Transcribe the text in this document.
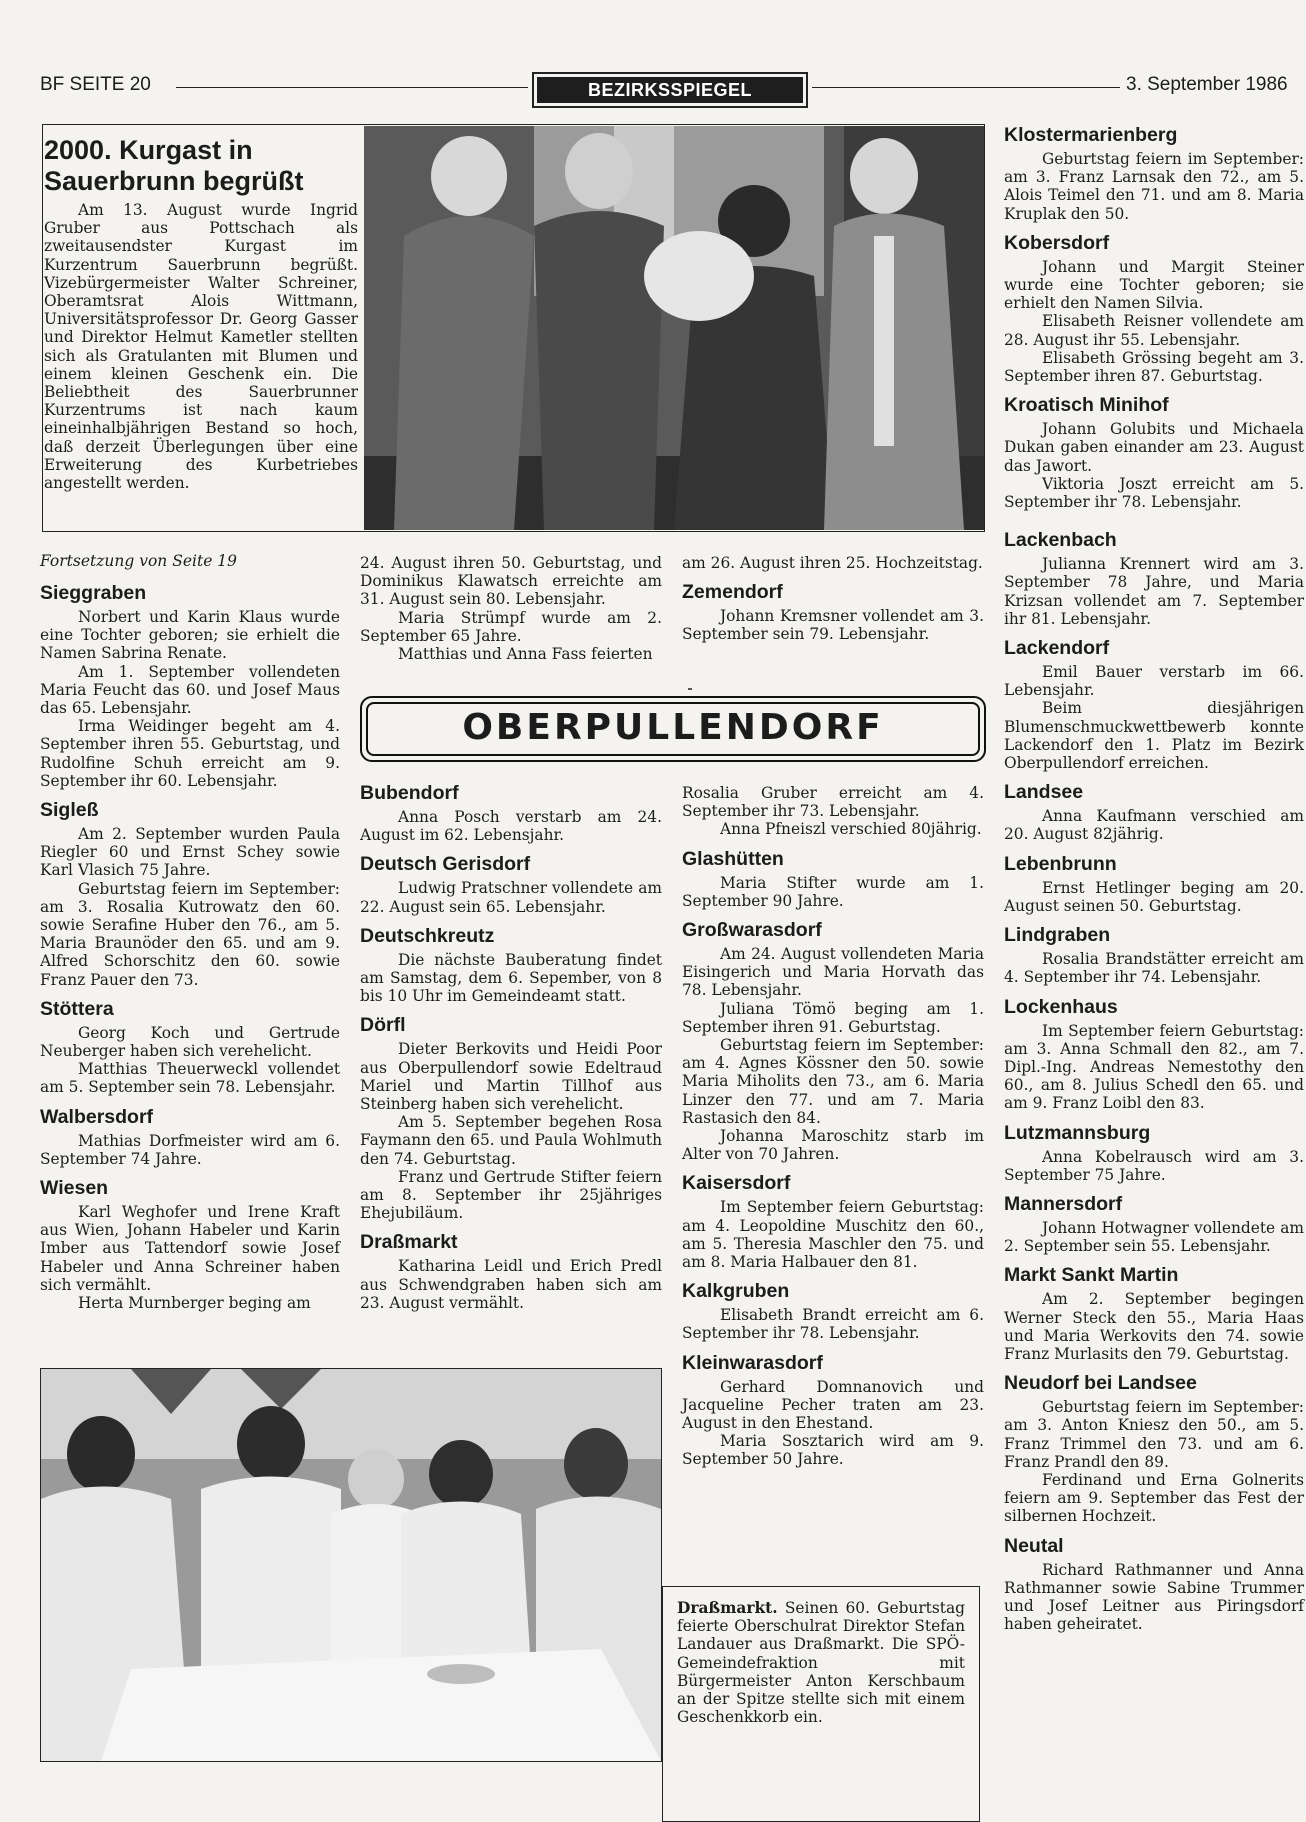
BF SEITE 20	BEZIRKSSPIEGEL	3. September 1986
2000. Kurgast in Sauerbrunn begrüßt

Am 13. August wurde Ingrid Gruber aus Pottschach als zweitausendster Kurgast im Kurzentrum Sauerbrunn begrüßt. Vizebürgermeister Walter Schreiner, Oberamtsrat Alois Wittmann, Universitätsprofessor Dr. Georg Gasser und Direktor Helmut Kametler stellten sich als Gratulanten mit Blumen und einem kleinen Geschenk ein. Die Beliebtheit des Sauerbrunner Kurzentrums ist nach kaum eineinhalbjährigen Bestand so hoch, daß derzeit Überlegungen über eine Erweiterung des Kurbetriebes angestellt werden.

Fortsetzung von Seite 19
Sieggraben

Norbert und Karin Klaus wurde eine Tochter geboren; sie erhielt die Namen Sabrina Renate.

Am 1. September vollendeten Maria Feucht das 60. und Josef Maus das 65. Lebensjahr.

Irma Weidinger begeht am 4. September ihren 55. Geburtstag, und Rudolfine Schuh erreicht am 9. September ihr 60. Lebensjahr.

Sigleß

Am 2. September wurden Paula Riegler 60 und Ernst Schey sowie Karl Vlasich 75 Jahre.

Geburtstag feiern im September: am 3. Rosalia Kutrowatz den 60. sowie Serafine Huber den 76., am 5. Maria Braunöder den 65. und am 9. Alfred Schorschitz den 60. sowie Franz Pauer den 73.

Stöttera

Georg Koch und Gertrude Neuberger haben sich verehelicht.

Matthias Theuerweckl vollendet am 5. September sein 78. Lebensjahr.

Walbersdorf

Mathias Dorfmeister wird am 6. September 74 Jahre.

Wiesen

Karl Weghofer und Irene Kraft aus Wien, Johann Habeler und Karin Imber aus Tattendorf sowie Josef Habeler und Anna Schreiner haben sich vermählt.

Herta Murnberger beging am

24. August ihren 50. Geburtstag, und Dominikus Klawatsch erreichte am 31. August sein 80. Lebensjahr.

Maria Strümpf wurde am 2. September 65 Jahre.

Matthias und Anna Fass feierten

am 26. August ihren 25. Hochzeitstag.

Zemendorf

Johann Kremsner vollendet am 3. September sein 79. Lebensjahr.

OBERPULLENDORF
Bubendorf

Anna Posch verstarb am 24. August im 62. Lebensjahr.

Deutsch Gerisdorf

Ludwig Pratschner vollendete am 22. August sein 65. Lebensjahr.

Deutschkreutz

Die nächste Bauberatung findet am Samstag, dem 6. Sepember, von 8 bis 10 Uhr im Gemeindeamt statt.

Dörfl

Dieter Berkovits und Heidi Poor aus Oberpullendorf sowie Edeltraud Mariel und Martin Tillhof aus Steinberg haben sich verehelicht.

Am 5. September begehen Rosa Faymann den 65. und Paula Wohlmuth den 74. Geburtstag.

Franz und Gertrude Stifter feiern am 8. September ihr 25jähriges Ehejubiläum.

Draßmarkt

Katharina Leidl und Erich Predl aus Schwendgraben haben sich am 23. August vermählt.

Rosalia Gruber erreicht am 4. September ihr 73. Lebensjahr.

Anna Pfneiszl verschied 80jährig.

Glashütten

Maria Stifter wurde am 1. September 90 Jahre.

Großwarasdorf

Am 24. August vollendeten Maria Eisingerich und Maria Horvath das 78. Lebensjahr.

Juliana Tömö beging am 1. September ihren 91. Geburtstag.

Geburtstag feiern im September: am 4. Agnes Kössner den 50. sowie Maria Miholits den 73., am 6. Maria Linzer den 77. und am 7. Maria Rastasich den 84.

Johanna Maroschitz starb im Alter von 70 Jahren.

Kaisersdorf

Im September feiern Geburtstag: am 4. Leopoldine Muschitz den 60., am 5. Theresia Maschler den 75. und am 8. Maria Halbauer den 81.

Kalkgruben

Elisabeth Brandt erreicht am 6. September ihr 78. Lebensjahr.

Kleinwarasdorf

Gerhard Domnanovich und Jacqueline Pecher traten am 23. August in den Ehestand.

Maria Sosztarich wird am 9. September 50 Jahre.

Draßmarkt. Seinen 60. Geburtstag feierte Oberschulrat Direktor Stefan Landauer aus Draßmarkt. Die SPÖ-Gemeindefraktion mit Bürgermeister Anton Kerschbaum an der Spitze stellte sich mit einem Geschenkkorb ein.
Klostermarienberg

Geburtstag feiern im September: am 3. Franz Larnsak den 72., am 5. Alois Teimel den 71. und am 8. Maria Kruplak den 50.

Kobersdorf

Johann und Margit Steiner wurde eine Tochter geboren; sie erhielt den Namen Silvia.

Elisabeth Reisner vollendete am 28. August ihr 55. Lebensjahr.

Elisabeth Grössing begeht am 3. September ihren 87. Geburtstag.

Kroatisch Minihof

Johann Golubits und Michaela Dukan gaben einander am 23. August das Jawort.

Viktoria Joszt erreicht am 5. September ihr 78. Lebensjahr.

Lackenbach

Julianna Krennert wird am 3. September 78 Jahre, und Maria Krizsan vollendet am 7. September ihr 81. Lebensjahr.

Lackendorf

Emil Bauer verstarb im 66. Lebensjahr.

Beim diesjährigen Blumenschmuckwettbewerb konnte Lackendorf den 1. Platz im Bezirk Oberpullendorf erreichen.

Landsee

Anna Kaufmann verschied am 20. August 82jährig.

Lebenbrunn

Ernst Hetlinger beging am 20. August seinen 50. Geburtstag.

Lindgraben

Rosalia Brandstätter erreicht am 4. September ihr 74. Lebensjahr.

Lockenhaus

Im September feiern Geburtstag: am 3. Anna Schmall den 82., am 7. Dipl.-Ing. Andreas Nemestothy den 60., am 8. Julius Schedl den 65. und am 9. Franz Loibl den 83.

Lutzmannsburg

Anna Kobelrausch wird am 3. September 75 Jahre.

Mannersdorf

Johann Hotwagner vollendete am 2. September sein 55. Lebensjahr.

Markt Sankt Martin

Am 2. September begingen Werner Steck den 55., Maria Haas und Maria Werkovits den 74. sowie Franz Murlasits den 79. Geburtstag.

Neudorf bei Landsee

Geburtstag feiern im September: am 3. Anton Kniesz den 50., am 5. Franz Trimmel den 73. und am 6. Franz Prandl den 89.

Ferdinand und Erna Golnerits feiern am 9. September das Fest der silbernen Hochzeit.

Neutal

Richard Rathmanner und Anna Rathmanner sowie Sabine Trummer und Josef Leitner aus Piringsdorf haben geheiratet.
